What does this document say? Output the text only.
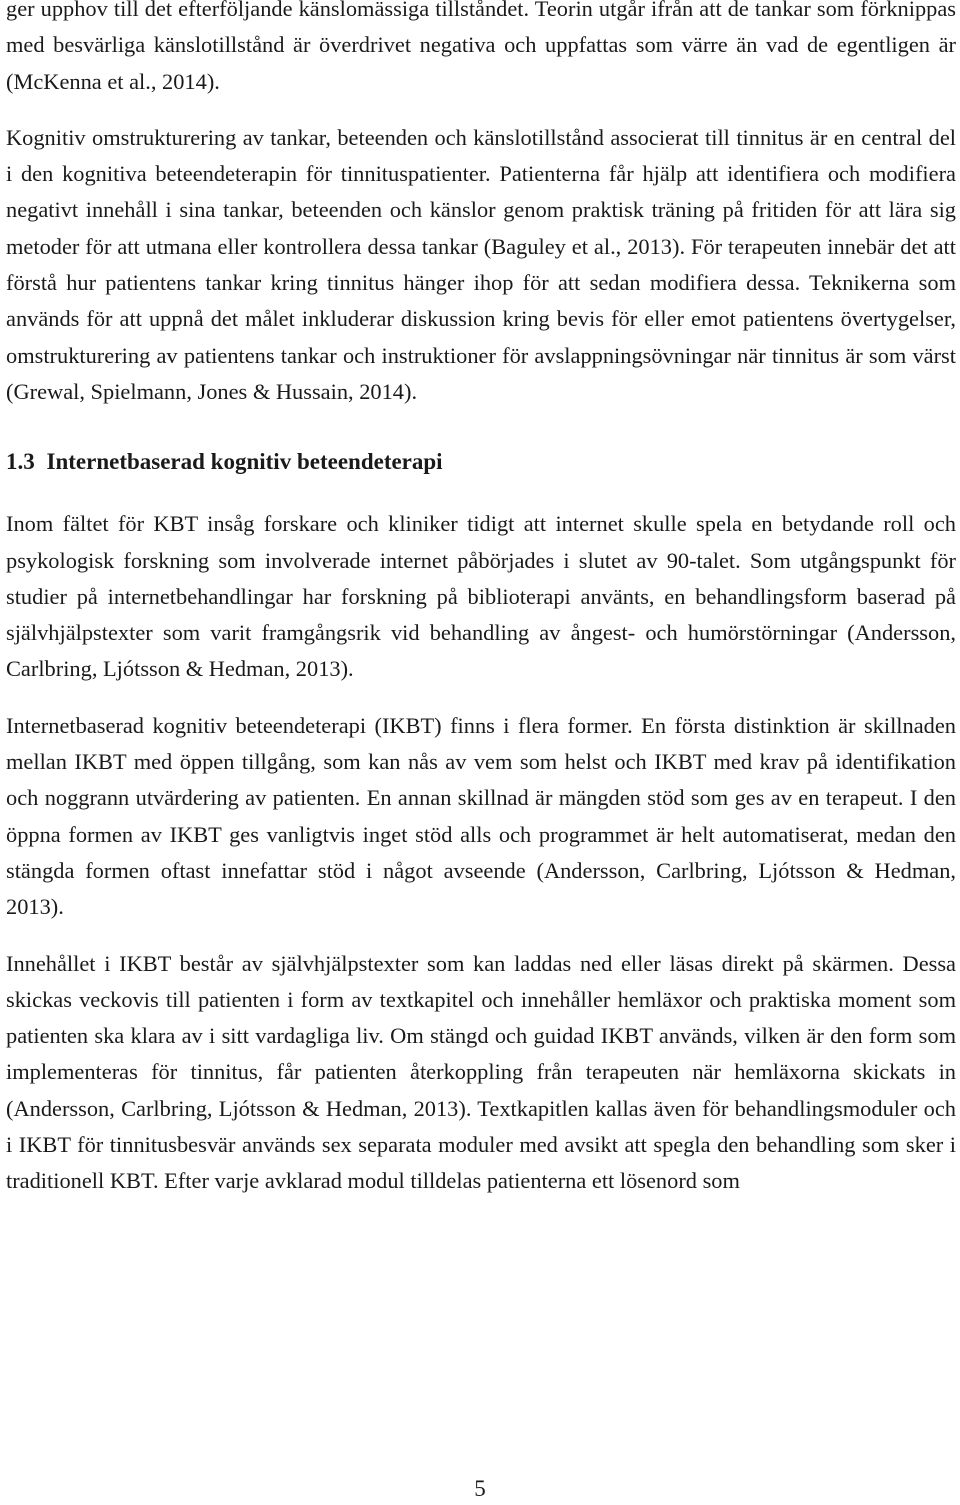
ger upphov till det efterföljande känslomässiga tillståndet. Teorin utgår ifrån att de tankar som förknippas med besvärliga känslotillstånd är överdrivet negativa och uppfattas som värre än vad de egentligen är (McKenna et al., 2014).

Kognitiv omstrukturering av tankar, beteenden och känslotillstånd associerat till tinnitus är en central del i den kognitiva beteendeterapin för tinnituspatienter. Patienterna får hjälp att identifiera och modifiera negativt innehåll i sina tankar, beteenden och känslor genom praktisk träning på fritiden för att lära sig metoder för att utmana eller kontrollera dessa tankar (Baguley et al., 2013). För terapeuten innebär det att förstå hur patientens tankar kring tinnitus hänger ihop för att sedan modifiera dessa. Teknikerna som används för att uppnå det målet inkluderar diskussion kring bevis för eller emot patientens övertygelser, omstrukturering av patientens tankar och instruktioner för avslappningsövningar när tinnitus är som värst (Grewal, Spielmann, Jones & Hussain, 2014).

1.3 Internetbaserad kognitiv beteendeterapi

Inom fältet för KBT insåg forskare och kliniker tidigt att internet skulle spela en betydande roll och psykologisk forskning som involverade internet påbörjades i slutet av 90-talet. Som utgångspunkt för studier på internetbehandlingar har forskning på biblioterapi använts, en behandlingsform baserad på självhjälpstexter som varit framgångsrik vid behandling av ångest- och humörstörningar (Andersson, Carlbring, Ljótsson & Hedman, 2013).

Internetbaserad kognitiv beteendeterapi (IKBT) finns i flera former. En första distinktion är skillnaden mellan IKBT med öppen tillgång, som kan nås av vem som helst och IKBT med krav på identifikation och noggrann utvärdering av patienten. En annan skillnad är mängden stöd som ges av en terapeut. I den öppna formen av IKBT ges vanligtvis inget stöd alls och programmet är helt automatiserat, medan den stängda formen oftast innefattar stöd i något avseende (Andersson, Carlbring, Ljótsson & Hedman, 2013).

Innehållet i IKBT består av självhjälpstexter som kan laddas ned eller läsas direkt på skärmen. Dessa skickas veckovis till patienten i form av textkapitel och innehåller hemläxor och praktiska moment som patienten ska klara av i sitt vardagliga liv. Om stängd och guidad IKBT används, vilken är den form som implementeras för tinnitus, får patienten återkoppling från terapeuten när hemläxorna skickats in (Andersson, Carlbring, Ljótsson & Hedman, 2013). Textkapitlen kallas även för behandlingsmoduler och i IKBT för tinnitusbesvär används sex separata moduler med avsikt att spegla den behandling som sker i traditionell KBT. Efter varje avklarad modul tilldelas patienterna ett lösenord som

5
